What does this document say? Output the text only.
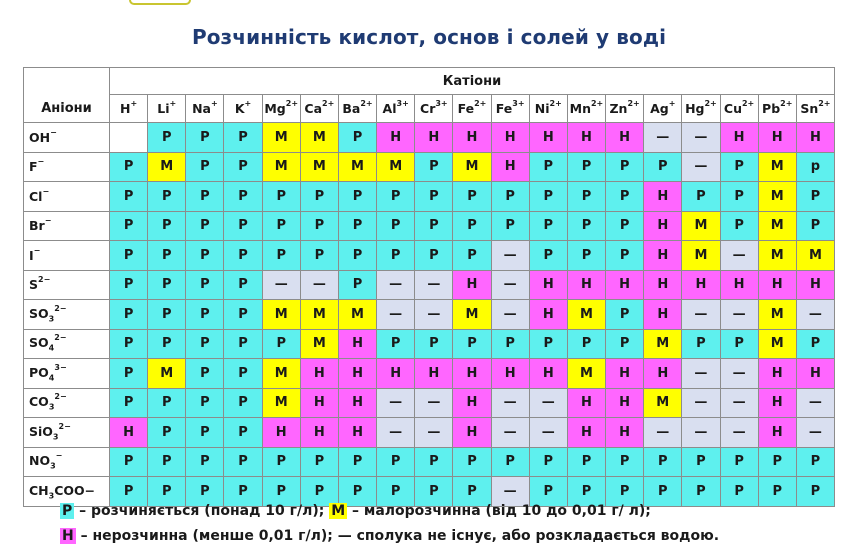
Розчинність кислот, основ і солей у воді
Аніони	Катіони																		
	H+	Li+	Na+	K+	$Mg^{2+}$	$Ca^{2+}$	$Ba^{2+}$	$Al^{3+}$	$Cr^{3+}$	$Fe^{2+}$	$Fe^{3+}$	$Ni^{2+}$	$Mn^{2+}$	$Zn^{2+}$	Ag+	$Hg^{2+}$	$Cu^{2+}$	$Pb^{2+}$	$Sn^{2+}$
OH−		Р	Р	Р	М	М	Р	Н	Н	Н	Н	Н	Н	Н	—	—	Н	Н	Н
F−	Р	М	Р	Р	М	М	М	М	Р	М	Н	Р	Р	Р	Р	—	Р	М	р
Cl−	Р	Р	Р	Р	Р	Р	Р	Р	Р	Р	Р	Р	Р	Р	Н	Р	Р	М	Р
Br−	Р	Р	Р	Р	Р	Р	Р	Р	Р	Р	Р	Р	Р	Р	Н	М	Р	М	Р
I−	Р	Р	Р	Р	Р	Р	Р	Р	Р	Р	—	Р	Р	Р	Н	М	—	М	М
$S^{2-}$	Р	Р	Р	Р	—	—	Р	—	—	Н	—	Н	Н	Н	Н	Н	Н	Н	Н
$SO_3^{2-}$	Р	Р	Р	Р	М	М	М	—	—	М	—	Н	М	Р	Н	—	—	М	—
$SO_4^{2-}$	Р	Р	Р	Р	Р	М	Н	Р	Р	Р	Р	Р	Р	Р	М	Р	Р	М	Р
$PO_4^{3-}$	Р	М	Р	Р	М	Н	Н	Н	Н	Н	Н	Н	М	Н	Н	—	—	Н	Н
$CO_3^{2-}$	Р	Р	Р	Р	М	Н	Н	—	—	Н	—	—	Н	Н	М	—	—	Н	—
SiO$_3^{2-}$	Н	Р	Р	Р	Н	Н	Н	—	—	Н	—	—	Н	Н	—	—	—	Н	—
$NO_3^-$	Р	Р	Р	Р	Р	Р	Р	Р	Р	Р	Р	Р	Р	Р	Р	Р	Р	Р	Р
$CH_3COO-$	Р	Р	Р	Р	Р	Р	Р	Р	Р	Р	—	Р	Р	Р	Р	Р	Р	Р	Р
Р – розчиняється (понад 10 г/л); М – малорозчинна (від 10 до 0,01 г/ л);
Н – нерозчинна (менше 0,01 г/л); — сполука не існує, або розкладається водою.
